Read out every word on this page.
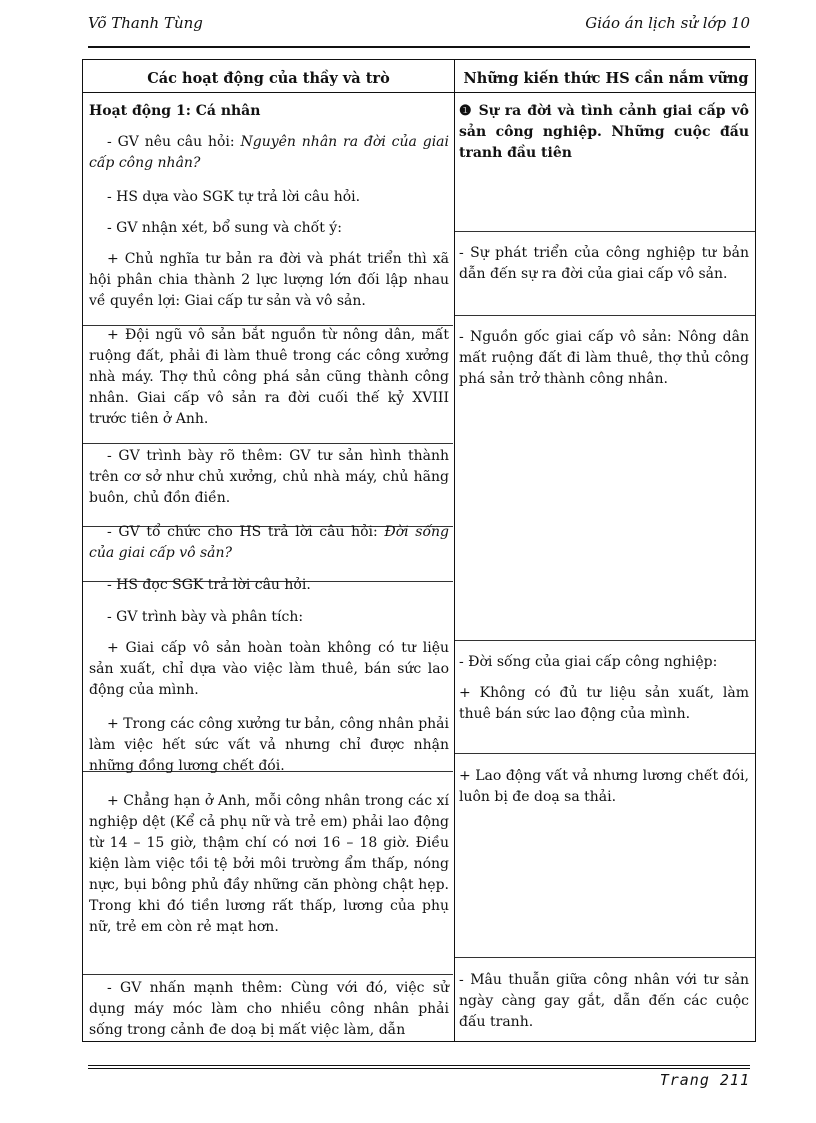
Võ Thanh Tùng	Giáo án lịch sử lớp 10
Các hoạt động của thầy và trò	Những kiến thức HS cần nắm vững
Hoạt động 1: Cá nhân
- GV nêu câu hỏi: Nguyên nhân ra đời của giai cấp công nhân?
- HS dựa vào SGK tự trả lời câu hỏi.
- GV nhận xét, bổ sung và chốt ý:
+ Chủ nghĩa tư bản ra đời và phát triển thì xã hội phân chia thành 2 lực lượng lớn đối lập nhau về quyền lợi: Giai cấp tư sản và vô sản.
+ Đội ngũ vô sản bắt nguồn từ nông dân, mất ruộng đất, phải đi làm thuê trong các công xưởng nhà máy. Thợ thủ công phá sản cũng thành công nhân. Giai cấp vô sản ra đời cuối thế kỷ XVIII trước tiên ở Anh.
- GV trình bày rõ thêm: GV tư sản hình thành trên cơ sở như chủ xưởng, chủ nhà máy, chủ hãng buôn, chủ đồn điền.
- GV tổ chức cho HS trả lời câu hỏi: Đời sống của giai cấp vô sản?
- HS đọc SGK trả lời câu hỏi.
- GV trình bày và phân tích:
+ Giai cấp vô sản hoàn toàn không có tư liệu sản xuất, chỉ dựa vào việc làm thuê, bán sức lao động của mình.
+ Trong các công xưởng tư bản, công nhân phải làm việc hết sức vất vả nhưng chỉ được nhận những đồng lương chết đói.
+ Chẳng hạn ở Anh, mỗi công nhân trong các xí nghiệp dệt (Kể cả phụ nữ và trẻ em) phải lao động từ 14 – 15 giờ, thậm chí có nơi 16 – 18 giờ. Điều kiện làm việc tồi tệ bởi môi trường ẩm thấp, nóng nực, bụi bông phủ đầy những căn phòng chật hẹp. Trong khi đó tiền lương rất thấp, lương của phụ nữ, trẻ em còn rẻ mạt hơn.
- GV nhấn mạnh thêm: Cùng với đó, việc sử dụng máy móc làm cho nhiều công nhân phải sống trong cảnh đe doạ bị mất việc làm, dẫn
❶ Sự ra đời và tình cảnh giai cấp vô sản công nghiệp. Những cuộc đấu tranh đầu tiên
- Sự phát triển của công nghiệp tư bản dẫn đến sự ra đời của giai cấp vô sản.
- Nguồn gốc giai cấp vô sản: Nông dân mất ruộng đất đi làm thuê, thợ thủ công phá sản trở thành công nhân.
- Đời sống của giai cấp công nghiệp:
+ Không có đủ tư liệu sản xuất, làm thuê bán sức lao động của mình.
+ Lao động vất vả nhưng lương chết đói, luôn bị đe doạ sa thải.
- Mâu thuẫn giữa công nhân với tư sản ngày càng gay gắt, dẫn đến các cuộc đấu tranh.
Trang 211
